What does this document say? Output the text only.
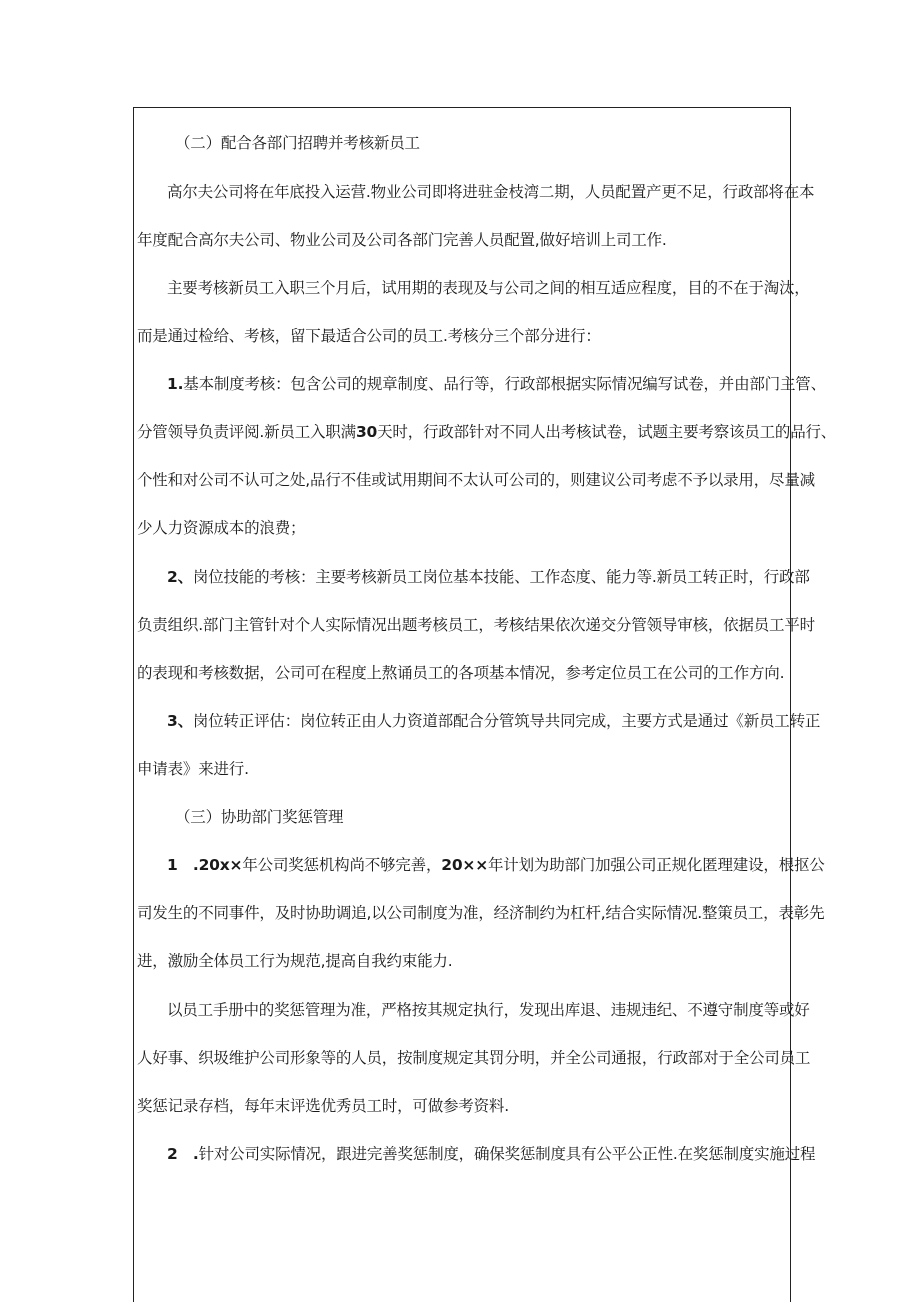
（二）配合各部门招聘并考核新员工
高尔夫公司将在年底投入运营.物业公司即将进驻金枝湾二期，人员配置产更不足，行政部将在本
年度配合高尔夫公司、物业公司及公司各部门完善人员配置,做好培训上司工作.
主要考核新员工入职三个月后，试用期的表现及与公司之间的相互适应程度，目的不在于淘汰，
而是通过检给、考核，留下最适合公司的员工.考核分三个部分进行：
1.基本制度考核：包含公司的规章制度、品行等，行政部根据实际情况编写试卷，并由部门主管、
分管领导负责评阅.新员工入职满30天时，行政部针对不同人出考核试卷，试题主要考察该员工的品行、
个性和对公司不认可之处,品行不佳或试用期间不太认可公司的，则建议公司考虑不予以录用，尽量减
少人力资源成本的浪费；
2、岗位技能的考核：主要考核新员工岗位基本技能、工作态度、能力等.新员工转正时，行政部
负责组织.部门主管针对个人实际情况出题考核员工，考核结果依次递交分管领导审核，依据员工平时
的表现和考核数据，公司可在程度上熬诵员工的各项基本情况，参考定位员工在公司的工作方向.
3、岗位转正评估：岗位转正由人力资道部配合分管筑导共同完成，主要方式是通过《新员工转正
申请表》来进行.
（三）协助部门奖惩管理
1　.20x×年公司奖惩机构尚不够完善，20××年计划为助部门加强公司正规化匿理建设，根抠公
司发生的不同事件，及时协助调追,以公司制度为准，经济制约为杠杆,结合实际情况.整策员工，表彰先
进，激励全体员工行为规范,提高自我约束能力.
以员工手册中的奖惩管理为准，严格按其规定执行，发现出库退、违规违纪、不遵守制度等或好
人好事、织圾维护公司形象等的人员，按制度规定其罚分明，并全公司通报，行政部对于全公司员工
奖惩记录存档，每年末评选优秀员工时，可做参考资料.
2　.针对公司实际情况，跟进完善奖惩制度，确保奖惩制度具有公平公正性.在奖惩制度实施过程
